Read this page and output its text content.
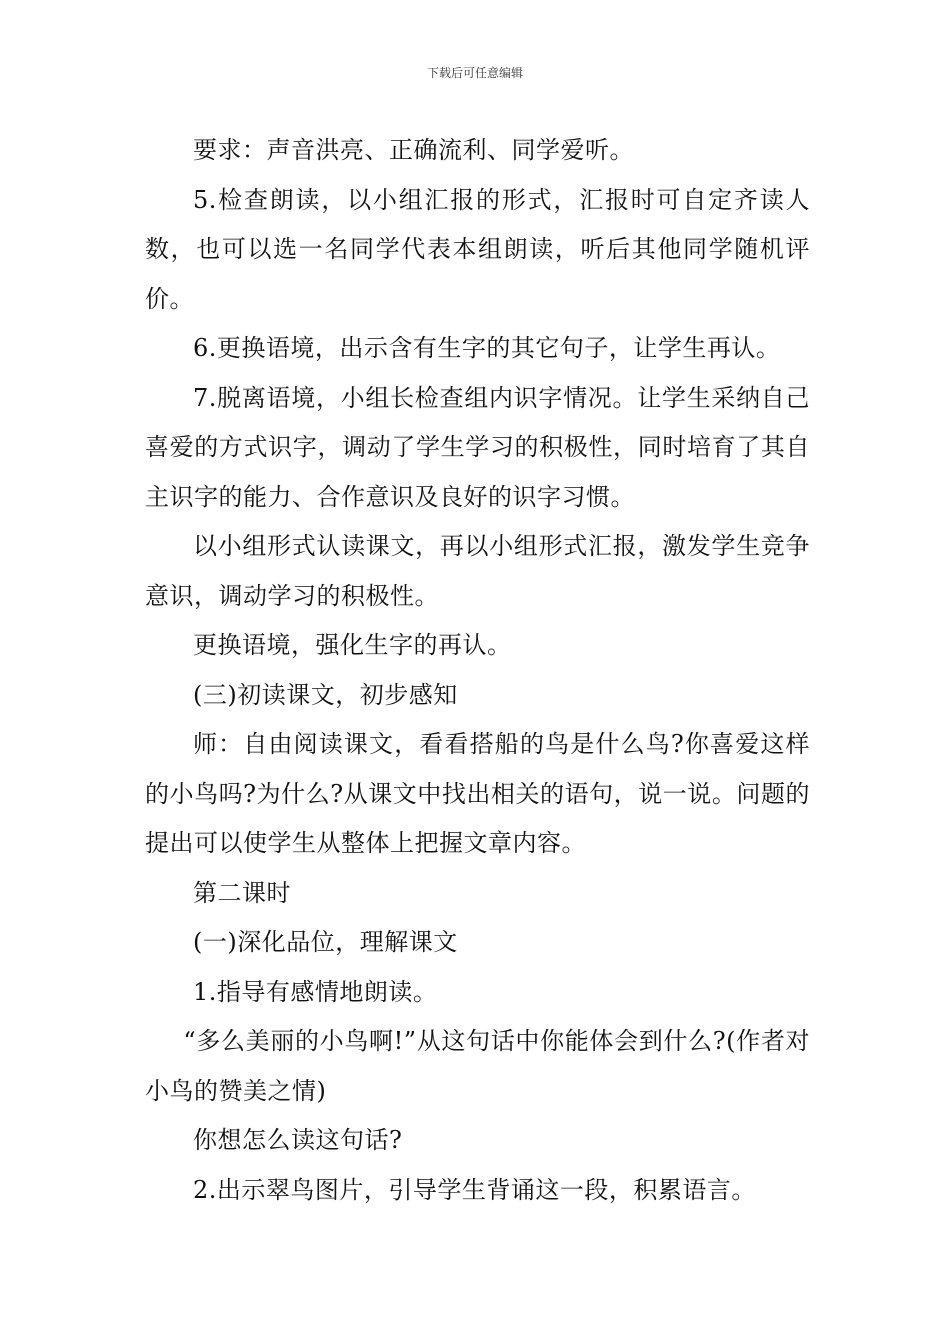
下载后可任意编辑

要求：声音洪亮、正确流利、同学爱听。

5.检查朗读，以小组汇报的形式，汇报时可自定齐读人数，也可以选一名同学代表本组朗读，听后其他同学随机评价。

6.更换语境，出示含有生字的其它句子，让学生再认。

7.脱离语境，小组长检查组内识字情况。让学生采纳自己喜爱的方式识字，调动了学生学习的积极性，同时培育了其自主识字的能力、合作意识及良好的识字习惯。

以小组形式认读课文，再以小组形式汇报，激发学生竞争意识，调动学习的积极性。

更换语境，强化生字的再认。

(三)初读课文，初步感知

师：自由阅读课文，看看搭船的鸟是什么鸟?你喜爱这样的小鸟吗?为什么?从课文中找出相关的语句，说一说。问题的提出可以使学生从整体上把握文章内容。

第二课时

(一)深化品位，理解课文

1.指导有感情地朗读。

“多么美丽的小鸟啊!”从这句话中你能体会到什么?(作者对小鸟的赞美之情)

你想怎么读这句话?

2.出示翠鸟图片，引导学生背诵这一段，积累语言。
